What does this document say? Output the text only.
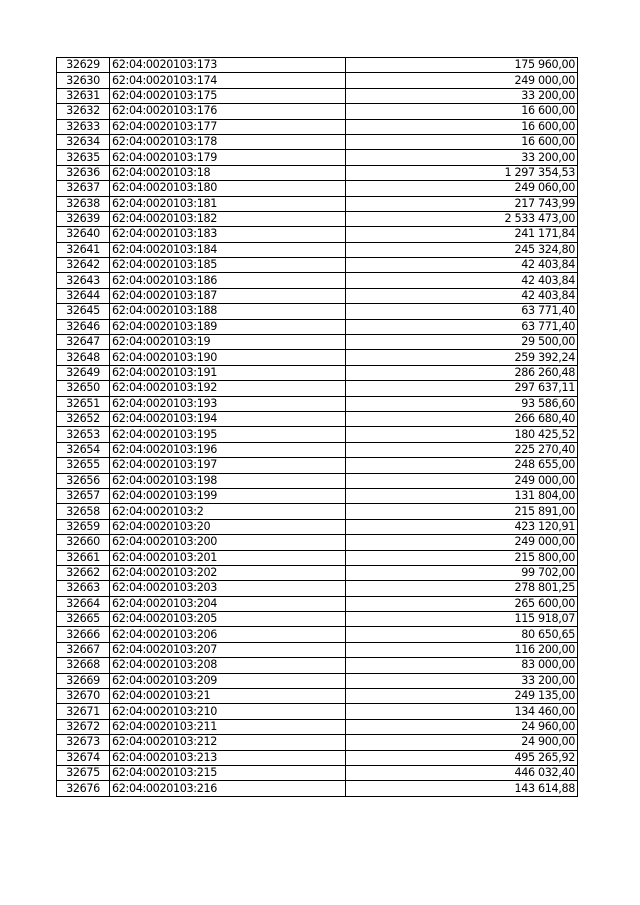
32629	62:04:0020103:173	175 960,00
32630	62:04:0020103:174	249 000,00
32631	62:04:0020103:175	33 200,00
32632	62:04:0020103:176	16 600,00
32633	62:04:0020103:177	16 600,00
32634	62:04:0020103:178	16 600,00
32635	62:04:0020103:179	33 200,00
32636	62:04:0020103:18	1 297 354,53
32637	62:04:0020103:180	249 060,00
32638	62:04:0020103:181	217 743,99
32639	62:04:0020103:182	2 533 473,00
32640	62:04:0020103:183	241 171,84
32641	62:04:0020103:184	245 324,80
32642	62:04:0020103:185	42 403,84
32643	62:04:0020103:186	42 403,84
32644	62:04:0020103:187	42 403,84
32645	62:04:0020103:188	63 771,40
32646	62:04:0020103:189	63 771,40
32647	62:04:0020103:19	29 500,00
32648	62:04:0020103:190	259 392,24
32649	62:04:0020103:191	286 260,48
32650	62:04:0020103:192	297 637,11
32651	62:04:0020103:193	93 586,60
32652	62:04:0020103:194	266 680,40
32653	62:04:0020103:195	180 425,52
32654	62:04:0020103:196	225 270,40
32655	62:04:0020103:197	248 655,00
32656	62:04:0020103:198	249 000,00
32657	62:04:0020103:199	131 804,00
32658	62:04:0020103:2	215 891,00
32659	62:04:0020103:20	423 120,91
32660	62:04:0020103:200	249 000,00
32661	62:04:0020103:201	215 800,00
32662	62:04:0020103:202	99 702,00
32663	62:04:0020103:203	278 801,25
32664	62:04:0020103:204	265 600,00
32665	62:04:0020103:205	115 918,07
32666	62:04:0020103:206	80 650,65
32667	62:04:0020103:207	116 200,00
32668	62:04:0020103:208	83 000,00
32669	62:04:0020103:209	33 200,00
32670	62:04:0020103:21	249 135,00
32671	62:04:0020103:210	134 460,00
32672	62:04:0020103:211	24 960,00
32673	62:04:0020103:212	24 900,00
32674	62:04:0020103:213	495 265,92
32675	62:04:0020103:215	446 032,40
32676	62:04:0020103:216	143 614,88
